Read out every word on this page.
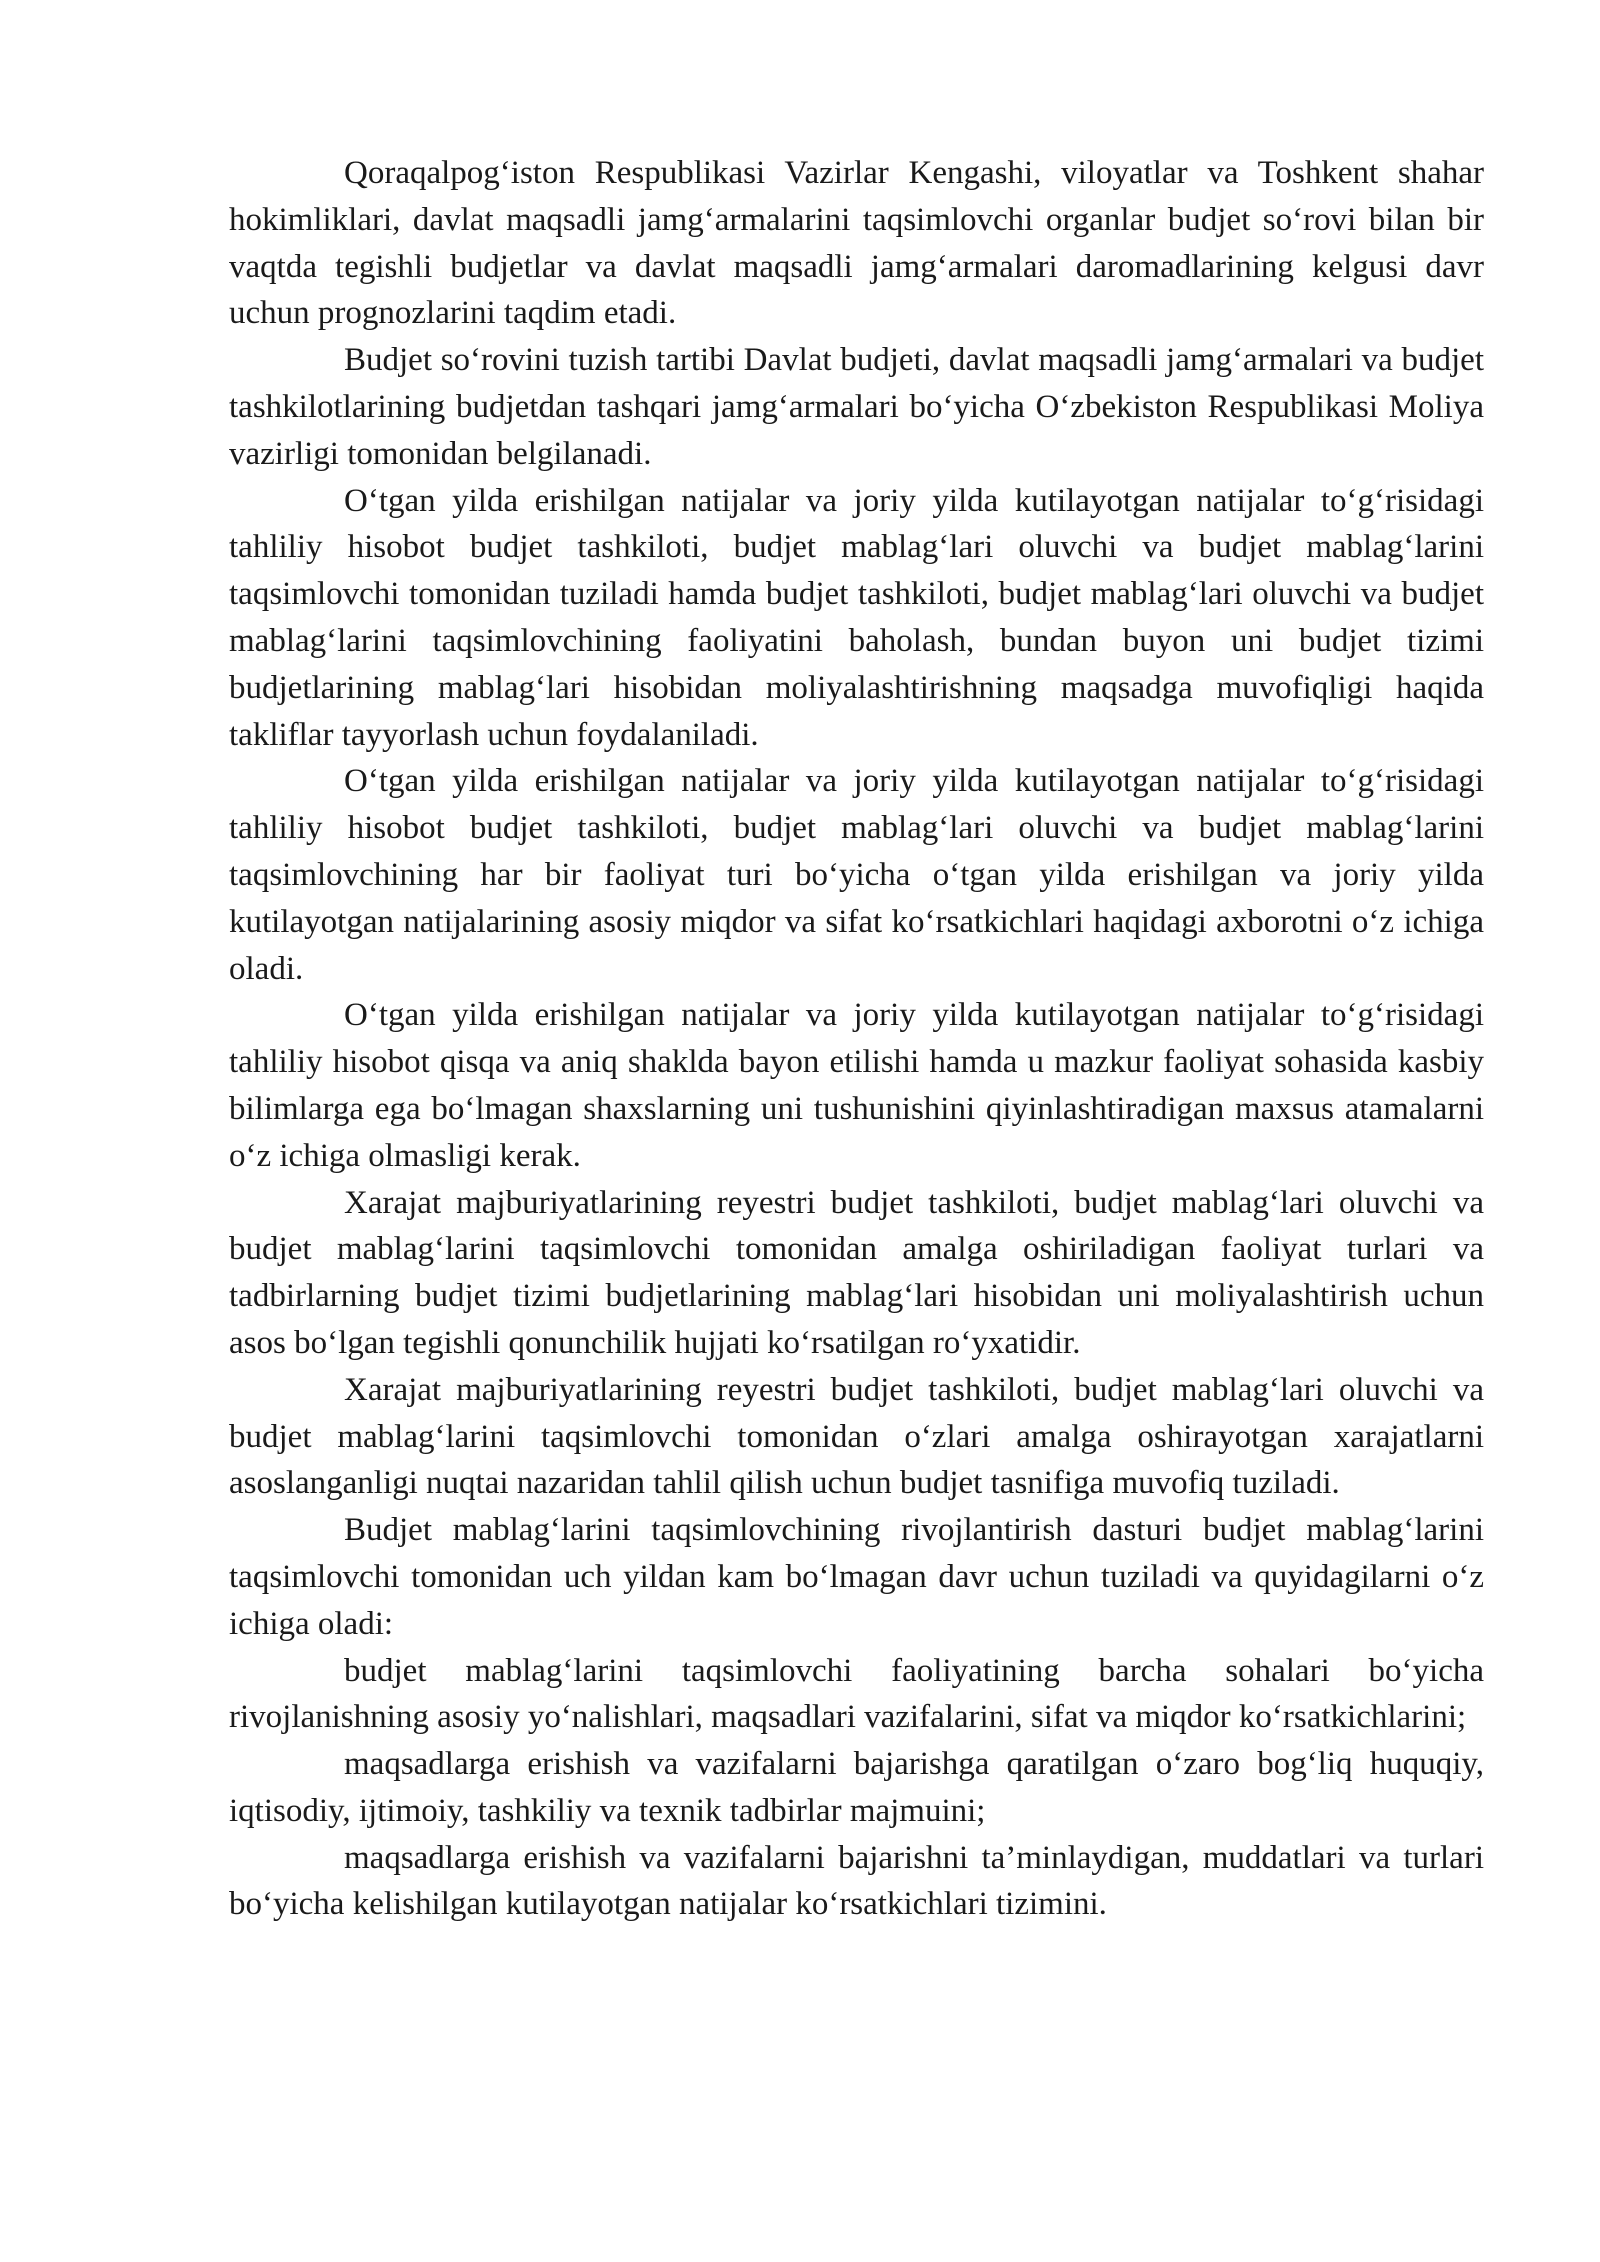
Qoraqalpog‘iston Respublikasi Vazirlar Kengashi, viloyatlar va Toshkent shahar hokimliklari, davlat maqsadli jamg‘armalarini taqsimlovchi organlar budjet so‘rovi bilan bir vaqtda tegishli budjetlar va davlat maqsadli jamg‘armalari daromadlarining kelgusi davr uchun prognozlarini taqdim etadi.

Budjet so‘rovini tuzish tartibi Davlat budjeti, davlat maqsadli jamg‘armalari va budjet tashkilotlarining budjetdan tashqari jamg‘armalari bo‘yicha O‘zbekiston Respublikasi Moliya vazirligi tomonidan belgilanadi.

O‘tgan yilda erishilgan natijalar va joriy yilda kutilayotgan natijalar to‘g‘risidagi tahliliy hisobot budjet tashkiloti, budjet mablag‘lari oluvchi va budjet mablag‘larini taqsimlovchi tomonidan tuziladi hamda budjet tashkiloti, budjet mablag‘lari oluvchi va budjet mablag‘larini taqsimlovchining faoliyatini baholash, bundan buyon uni budjet tizimi budjetlarining mablag‘lari hisobidan moliyalashtirishning maqsadga muvofiqligi haqida takliflar tayyorlash uchun foydalaniladi.

O‘tgan yilda erishilgan natijalar va joriy yilda kutilayotgan natijalar to‘g‘risidagi tahliliy hisobot budjet tashkiloti, budjet mablag‘lari oluvchi va budjet mablag‘larini taqsimlovchining har bir faoliyat turi bo‘yicha o‘tgan yilda erishilgan va joriy yilda kutilayotgan natijalarining asosiy miqdor va sifat ko‘rsatkichlari haqidagi axborotni o‘z ichiga oladi.

O‘tgan yilda erishilgan natijalar va joriy yilda kutilayotgan natijalar to‘g‘risidagi tahliliy hisobot qisqa va aniq shaklda bayon etilishi hamda u mazkur faoliyat sohasida kasbiy bilimlarga ega bo‘lmagan shaxslarning uni tushunishini qiyinlashtiradigan maxsus atamalarni o‘z ichiga olmasligi kerak.

Xarajat majburiyatlarining reyestri budjet tashkiloti, budjet mablag‘lari oluvchi va budjet mablag‘larini taqsimlovchi tomonidan amalga oshiriladigan faoliyat turlari va tadbirlarning budjet tizimi budjetlarining mablag‘lari hisobidan uni moliyalashtirish uchun asos bo‘lgan tegishli qonunchilik hujjati ko‘rsatilgan ro‘yxatidir.

Xarajat majburiyatlarining reyestri budjet tashkiloti, budjet mablag‘lari oluvchi va budjet mablag‘larini taqsimlovchi tomonidan o‘zlari amalga oshirayotgan xarajatlarni asoslanganligi nuqtai nazaridan tahlil qilish uchun budjet tasnifiga muvofiq tuziladi.

Budjet mablag‘larini taqsimlovchining rivojlantirish dasturi budjet mablag‘larini taqsimlovchi tomonidan uch yildan kam bo‘lmagan davr uchun tuziladi va quyidagilarni o‘z ichiga oladi:

budjet mablag‘larini taqsimlovchi faoliyatining barcha sohalari bo‘yicha rivojlanishning asosiy yo‘nalishlari, maqsadlari vazifalarini, sifat va miqdor ko‘rsatkichlarini;

maqsadlarga erishish va vazifalarni bajarishga qaratilgan o‘zaro bog‘liq huquqiy, iqtisodiy, ijtimoiy, tashkiliy va texnik tadbirlar majmuini;

maqsadlarga erishish va vazifalarni bajarishni ta’minlaydigan, muddatlari va turlari bo‘yicha kelishilgan kutilayotgan natijalar ko‘rsatkichlari tizimini.
